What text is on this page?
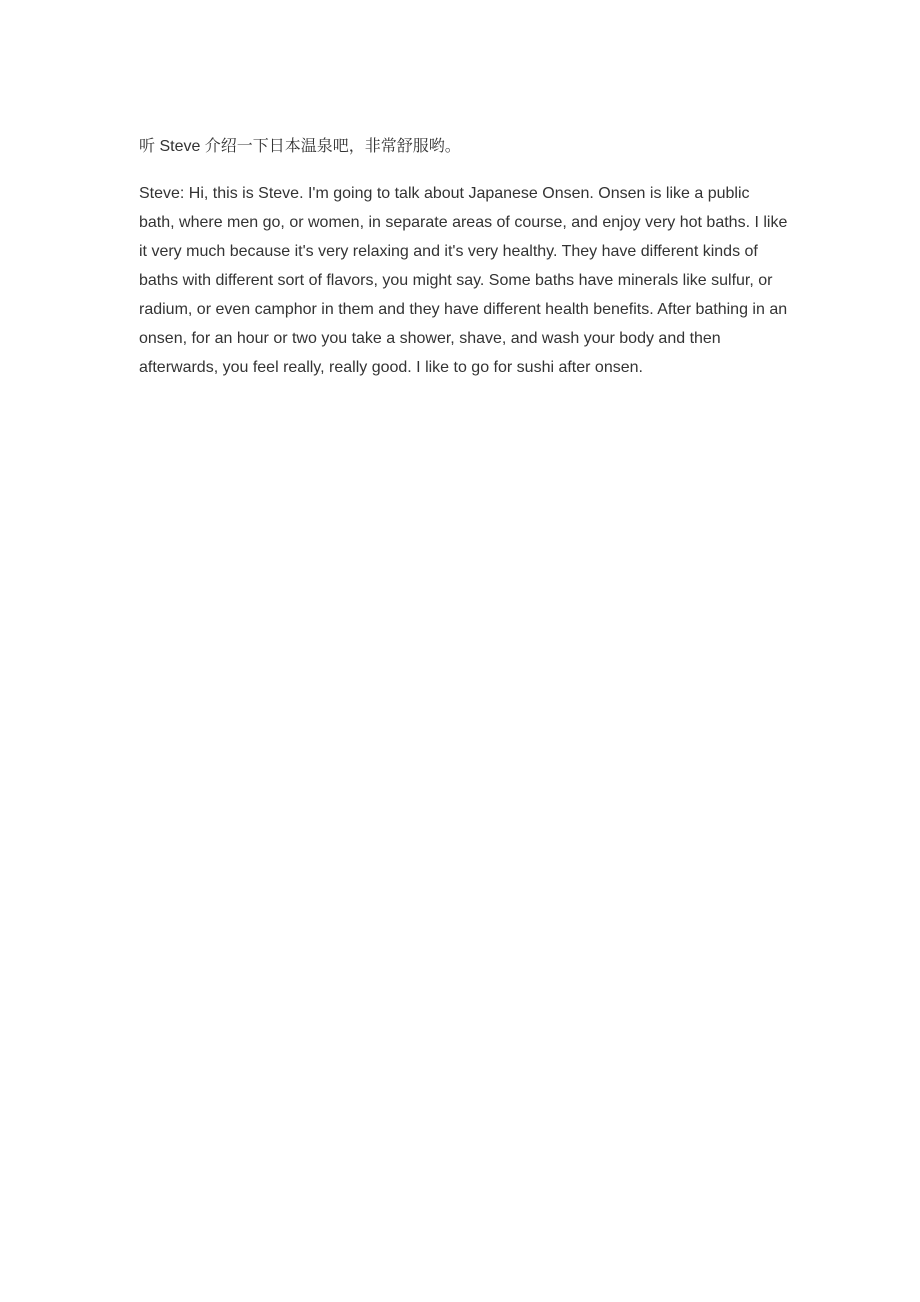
听 Steve 介绍一下日本温泉吧，非常舒服哟。

Steve: Hi, this is Steve. I'm going to talk about Japanese Onsen. Onsen is like a public bath, where men go, or women, in separate areas of course, and enjoy very hot baths. I like it very much because it's very relaxing and it's very healthy. They have different kinds of baths with different sort of flavors, you might say. Some baths have minerals like sulfur, or radium, or even camphor in them and they have different health benefits. After bathing in an onsen, for an hour or two you take a shower, shave, and wash your body and then afterwards, you feel really, really good. I like to go for sushi after onsen.
